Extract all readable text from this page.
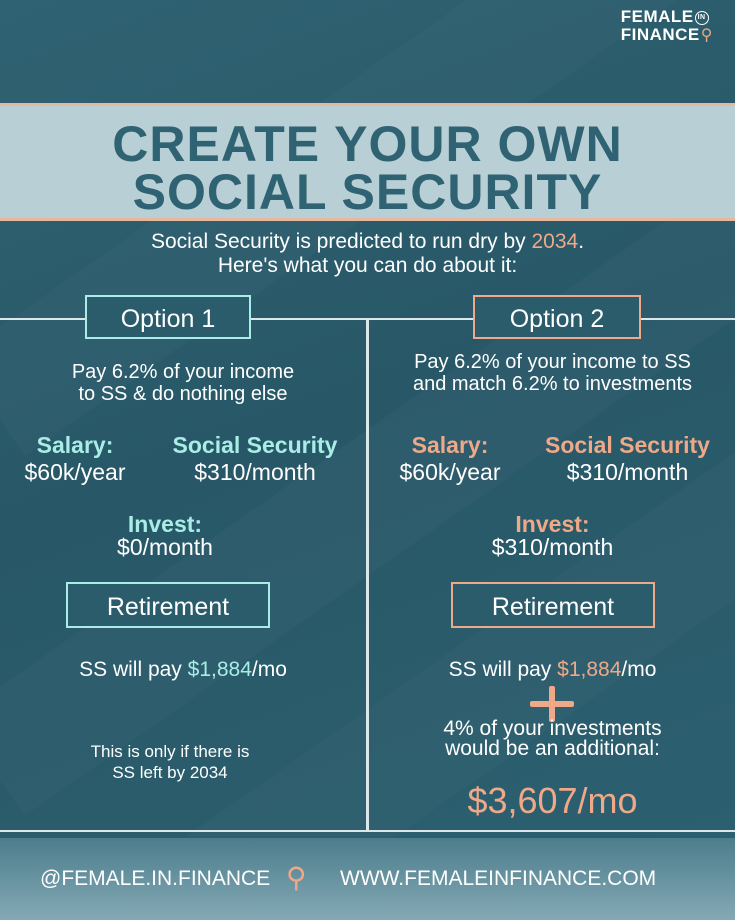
FEMALE IN
FINANCE⚲
CREATE YOUR OWN
SOCIAL SECURITY
Social Security is predicted to run dry by 2034.
Here's what you can do about it:
Option 1
Pay 6.2% of your income
to SS & do nothing else
Salary:
$60k/year
Social Security
$310/month
Invest:
$0/month
Retirement
SS will pay $1,884/mo
This is only if there is
SS left by 2034
Option 2
Pay 6.2% of your income to SS
and match 6.2% to investments
Salary:
$60k/year
Social Security
$310/month
Invest:
$310/month
Retirement
SS will pay $1,884/mo
4% of your investments
would be an additional:
$3,607/mo
@FEMALE.IN.FINANCE ⚲ WWW.FEMALEINFINANCE.COM
